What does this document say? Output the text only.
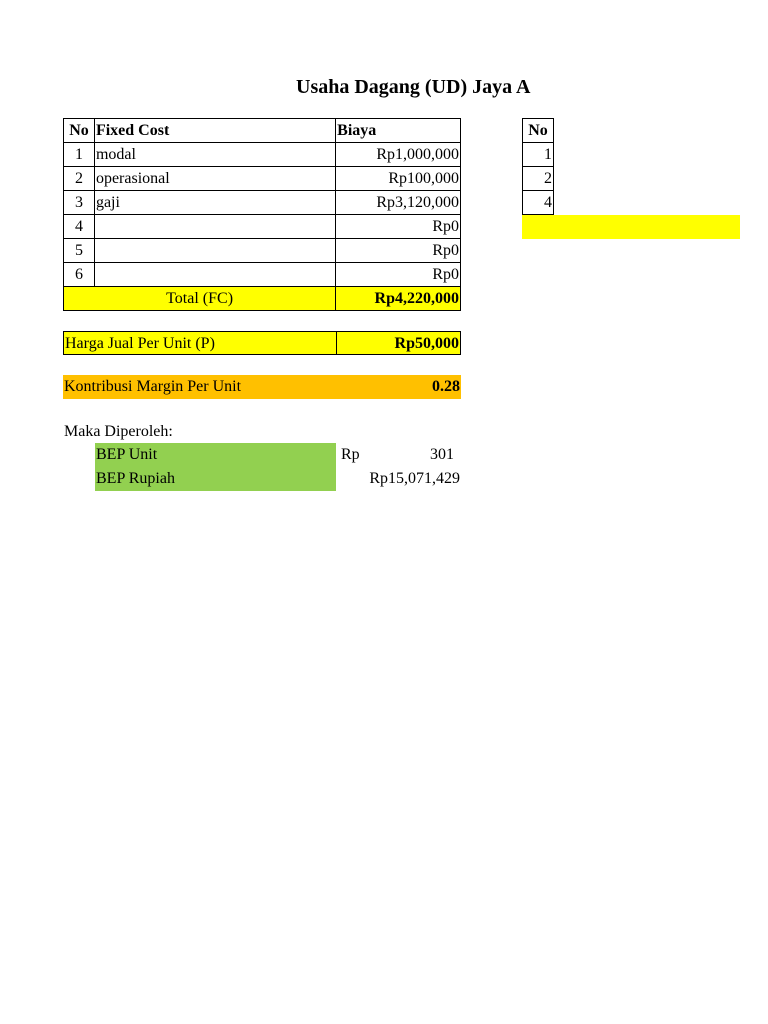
Usaha Dagang (UD) Jaya A
No	Fixed Cost	Biaya
1	modal	Rp1,000,000
2	operasional	Rp100,000
3	gaji	Rp3,120,000
4		Rp0
5		Rp0
6		Rp0
Total (FC)		Rp4,220,000
Harga Jual Per Unit (P)	Rp50,000
Kontribusi Margin Per Unit	0.28
Maka Diperoleh:
BEP Unit	Rp	301
BEP Rupiah	Rp15,071,429
No
1
2
4
